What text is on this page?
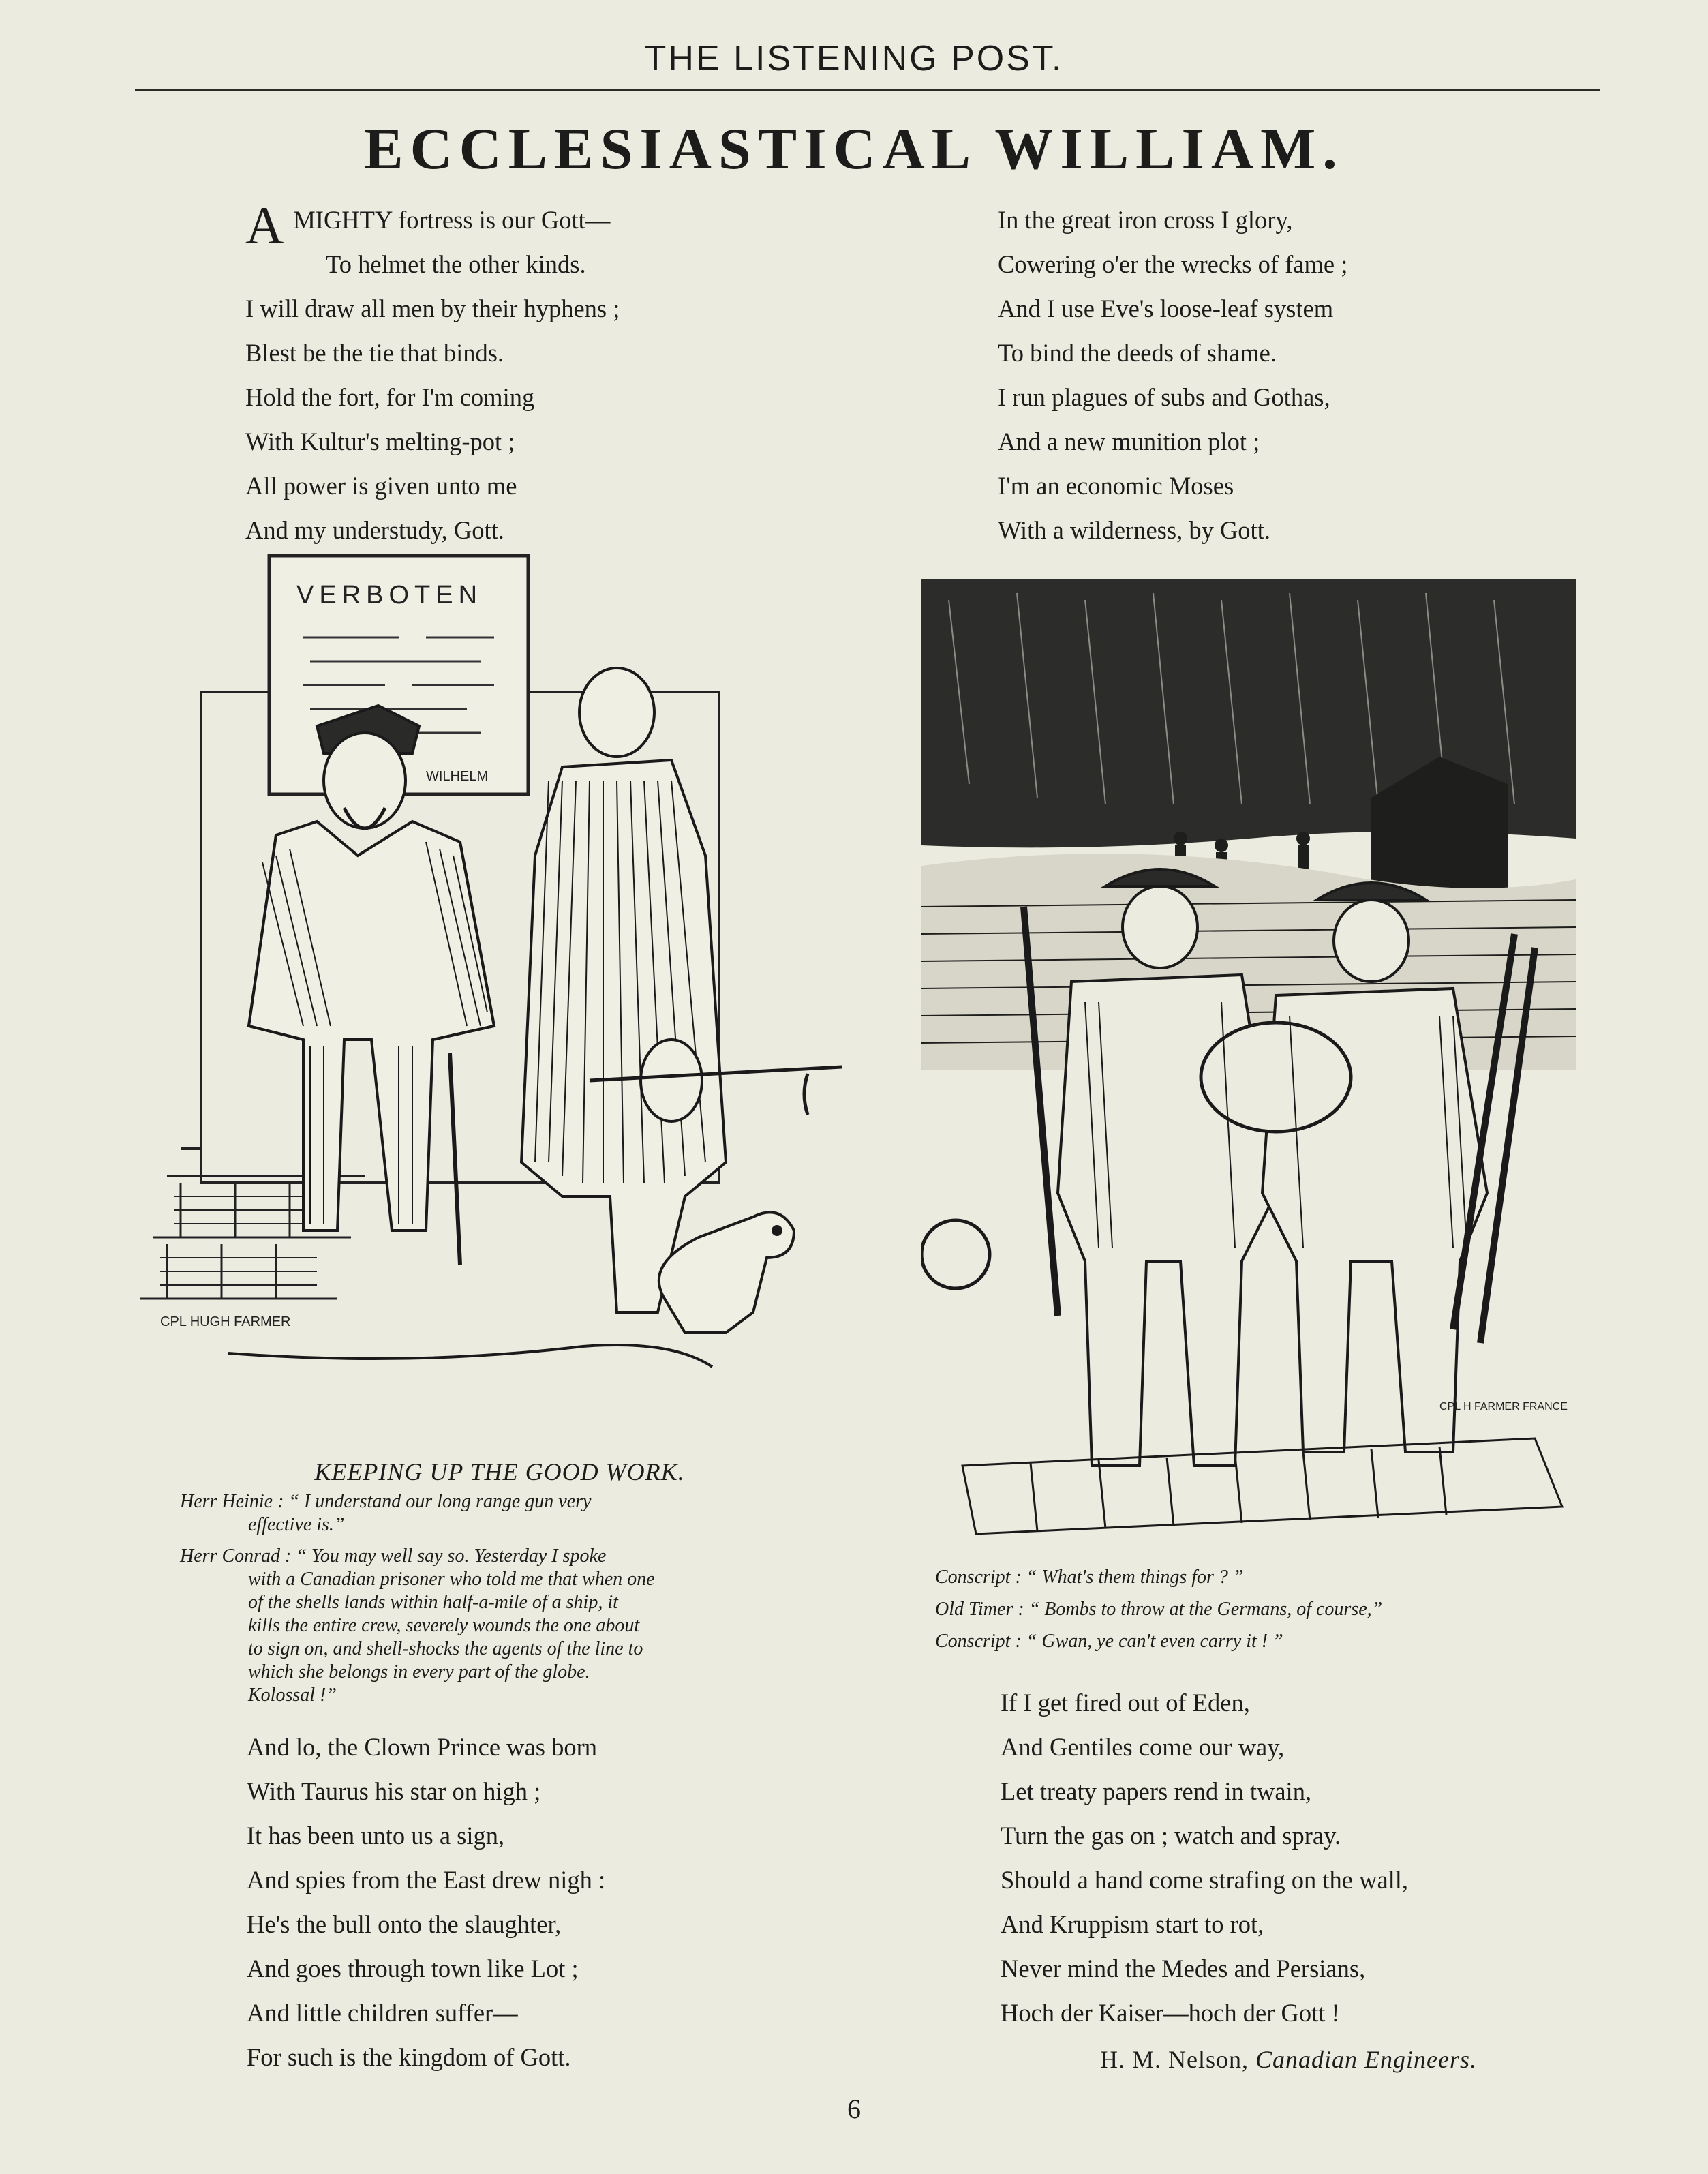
THE LISTENING POST.
ECCLESIASTICAL WILLIAM.
A MIGHTY fortress is our Gott—
To helmet the other kinds.
I will draw all men by their hyphens ;
Blest be the tie that binds.
Hold the fort, for I'm coming
With Kultur's melting-pot ;
All power is given unto me
And my understudy, Gott.
In the great iron cross I glory,
Cowering o'er the wrecks of fame ;
And I use Eve's loose-leaf system
To bind the deeds of shame.
I run plagues of subs and Gothas,
And a new munition plot ;
I'm an economic Moses
With a wilderness, by Gott.
VERBOTEN
WILHELM
CPL HUGH FARMER
KEEPING UP THE GOOD WORK.
Herr Heinie : “ I understand our long range gun very
effective is.”
Herr Conrad : “ You may well say so. Yesterday I spoke
with a Canadian prisoner who told me that when one
of the shells lands within half-a-mile of a ship, it
kills the entire crew, severely wounds the one about
to sign on, and shell-shocks the agents of the line to
which she belongs in every part of the globe.
Kolossal !”
And lo, the Clown Prince was born
With Taurus his star on high ;
It has been unto us a sign,
And spies from the East drew nigh :
He's the bull onto the slaughter,
And goes through town like Lot ;
And little children suffer—
For such is the kingdom of Gott.
CPL H FARMER FRANCE
Conscript : “ What's them things for ? ”
Old Timer : “ Bombs to throw at the Germans, of course,”
Conscript : “ Gwan, ye can't even carry it ! ”
If I get fired out of Eden,
And Gentiles come our way,
Let treaty papers rend in twain,
Turn the gas on ; watch and spray.
Should a hand come strafing on the wall,
And Kruppism start to rot,
Never mind the Medes and Persians,
Hoch der Kaiser—hoch der Gott !
H. M. Nelson, Canadian Engineers.
6
